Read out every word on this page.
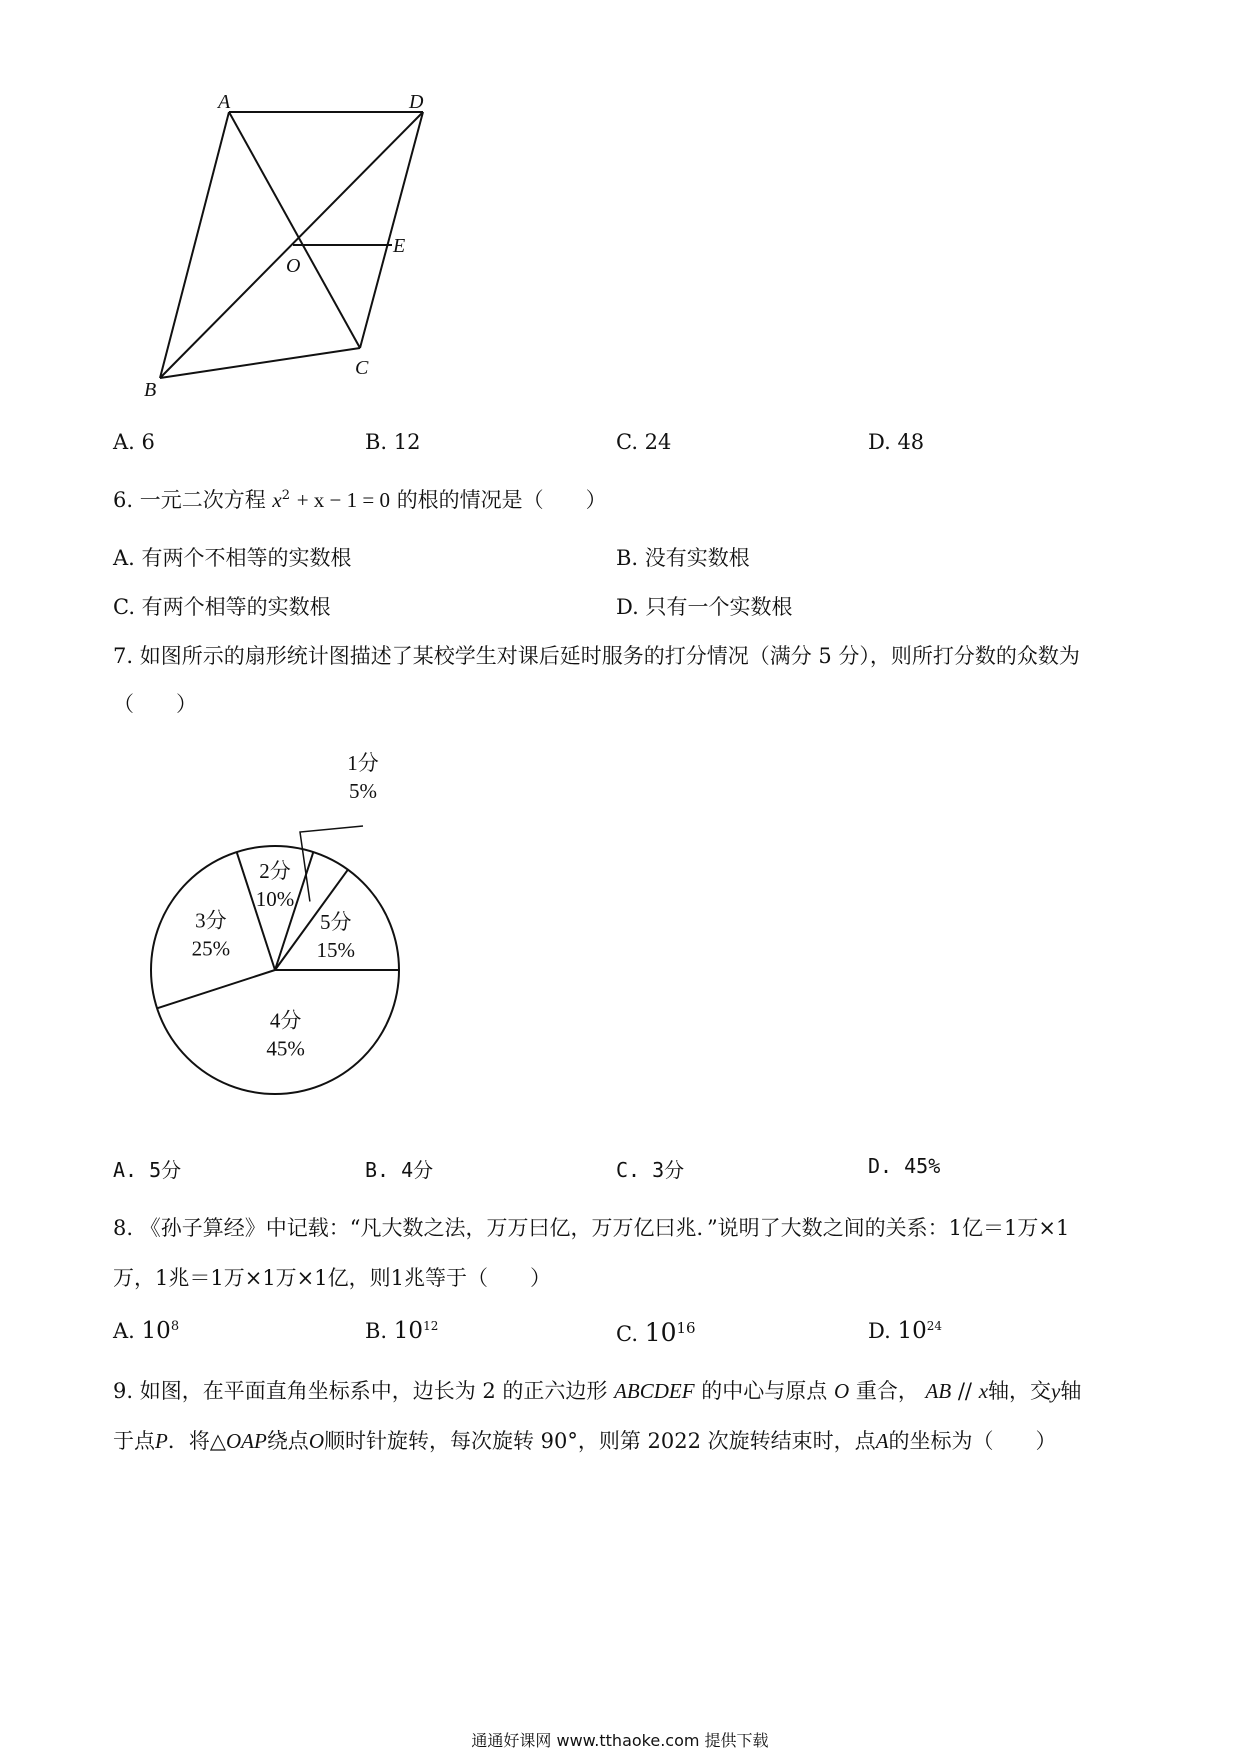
A	D
E
O
C
B
A. 6	B. 12	C. 24	D. 48
6. 一元二次方程 $x^2 + x - 1 = 0$ 的根的情况是（　　）
A. 有两个不相等的实数根	B. 没有实数根
C. 有两个相等的实数根	D. 只有一个实数根
7. 如图所示的扇形统计图描述了某校学生对课后延时服务的打分情况（满分 5 分），则所打分数的众数为
（　　）
5分
15%
1分
5%
2分
10%
3分
25%
4分
45%
A. 5分	B. 4分	C. 3分	D. 45%
8. 《孙子算经》中记载：“凡大数之法，万万曰亿，万万亿曰兆．”说明了大数之间的关系：1亿＝1万×1
万，1兆＝1万×1万×1亿，则1兆等于（　　）
A. $10^8$	B. $10^{12}$	C. $10^{16}$	D. $10^{24}$
9. 如图，在平面直角坐标系中，边长为 2 的正六边形 ABCDEF 的中心与原点 O 重合， AB // x轴，交y轴
于点P．将△OAP绕点O顺时针旋转，每次旋转 90°，则第 2022 次旋转结束时，点A的坐标为（　　）
通通好课网 www.tthaoke.com 提供下载
